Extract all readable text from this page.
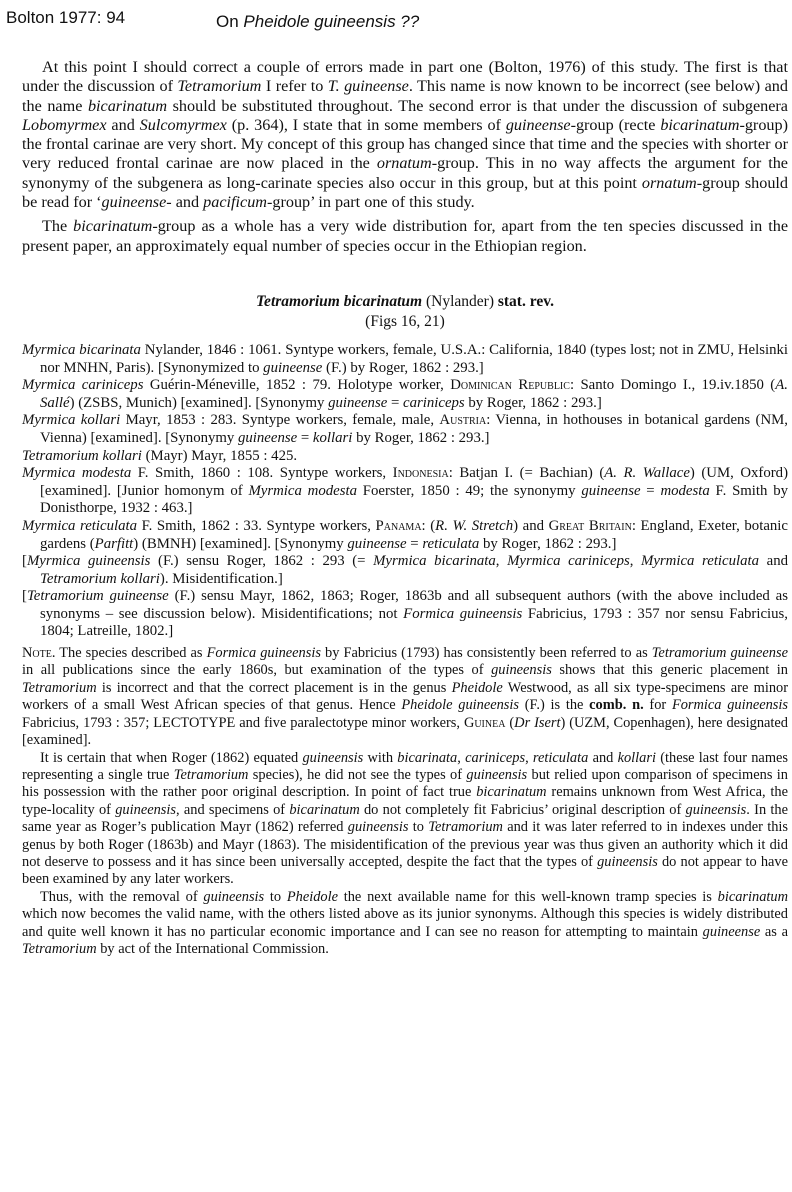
Bolton 1977: 94	On Pheidole guineensis ??

At this point I should correct a couple of errors made in part one (Bolton, 1976) of this study. The first is that under the discussion of Tetramorium I refer to T. guineense. This name is now known to be incorrect (see below) and the name bicarinatum should be substituted throughout. The second error is that under the discussion of subgenera Lobomyrmex and Sulcomyrmex (p. 364), I state that in some members of guineense-group (recte bicarinatum-group) the frontal carinae are very short. My concept of this group has changed since that time and the species with shorter or very reduced frontal carinae are now placed in the ornatum-group. This in no way affects the argument for the synonymy of the subgenera as long-carinate species also occur in this group, but at this point ornatum-group should be read for ‘guineense- and pacificum-group’ in part one of this study.

The bicarinatum-group as a whole has a very wide distribution for, apart from the ten species discussed in the present paper, an approximately equal number of species occur in the Ethiopian region.

Tetramorium bicarinatum (Nylander) stat. rev.
(Figs 16, 21)

Myrmica bicarinata Nylander, 1846 : 1061. Syntype workers, female, U.S.A.: California, 1840 (types lost; not in ZMU, Helsinki nor MNHN, Paris). [Synonymized to guineense (F.) by Roger, 1862 : 293.]

Myrmica cariniceps Guérin-Méneville, 1852 : 79. Holotype worker, Dominican Republic: Santo Domingo I., 19.iv.1850 (A. Sallé) (ZSBS, Munich) [examined]. [Synonymy guineense = cariniceps by Roger, 1862 : 293.]

Myrmica kollari Mayr, 1853 : 283. Syntype workers, female, male, Austria: Vienna, in hothouses in botanical gardens (NM, Vienna) [examined]. [Synonymy guineense = kollari by Roger, 1862 : 293.]

Tetramorium kollari (Mayr) Mayr, 1855 : 425.

Myrmica modesta F. Smith, 1860 : 108. Syntype workers, Indonesia: Batjan I. (= Bachian) (A. R. Wallace) (UM, Oxford) [examined]. [Junior homonym of Myrmica modesta Foerster, 1850 : 49; the synonymy guineense = modesta F. Smith by Donisthorpe, 1932 : 463.]

Myrmica reticulata F. Smith, 1862 : 33. Syntype workers, Panama: (R. W. Stretch) and Great Britain: England, Exeter, botanic gardens (Parfitt) (BMNH) [examined]. [Synonymy guineense = reticulata by Roger, 1862 : 293.]

[Myrmica guineensis (F.) sensu Roger, 1862 : 293 (= Myrmica bicarinata, Myrmica cariniceps, Myrmica reticulata and Tetramorium kollari). Misidentification.]

[Tetramorium guineense (F.) sensu Mayr, 1862, 1863; Roger, 1863b and all subsequent authors (with the above included as synonyms – see discussion below). Misidentifications; not Formica guineensis Fabricius, 1793 : 357 nor sensu Fabricius, 1804; Latreille, 1802.]

Note. The species described as Formica guineensis by Fabricius (1793) has consistently been referred to as Tetramorium guineense in all publications since the early 1860s, but examination of the types of guineensis shows that this generic placement in Tetramorium is incorrect and that the correct placement is in the genus Pheidole Westwood, as all six type-specimens are minor workers of a small West African species of that genus. Hence Pheidole guineensis (F.) is the comb. n. for Formica guineensis Fabricius, 1793 : 357; LECTOTYPE and five paralectotype minor workers, Guinea (Dr Isert) (UZM, Copenhagen), here designated [examined].

It is certain that when Roger (1862) equated guineensis with bicarinata, cariniceps, reticulata and kollari (these last four names representing a single true Tetramorium species), he did not see the types of guineensis but relied upon comparison of specimens in his possession with the rather poor original description. In point of fact true bicarinatum remains unknown from West Africa, the type-locality of guineensis, and specimens of bicarinatum do not completely fit Fabricius’ original description of guineensis. In the same year as Roger’s publication Mayr (1862) referred guineensis to Tetramorium and it was later referred to in indexes under this genus by both Roger (1863b) and Mayr (1863). The misidentification of the previous year was thus given an authority which it did not deserve to possess and it has since been universally accepted, despite the fact that the types of guineensis do not appear to have been examined by any later workers.

Thus, with the removal of guineensis to Pheidole the next available name for this well-known tramp species is bicarinatum which now becomes the valid name, with the others listed above as its junior synonyms. Although this species is widely distributed and quite well known it has no particular economic importance and I can see no reason for attempting to maintain guineense as a Tetramorium by act of the International Commission.
